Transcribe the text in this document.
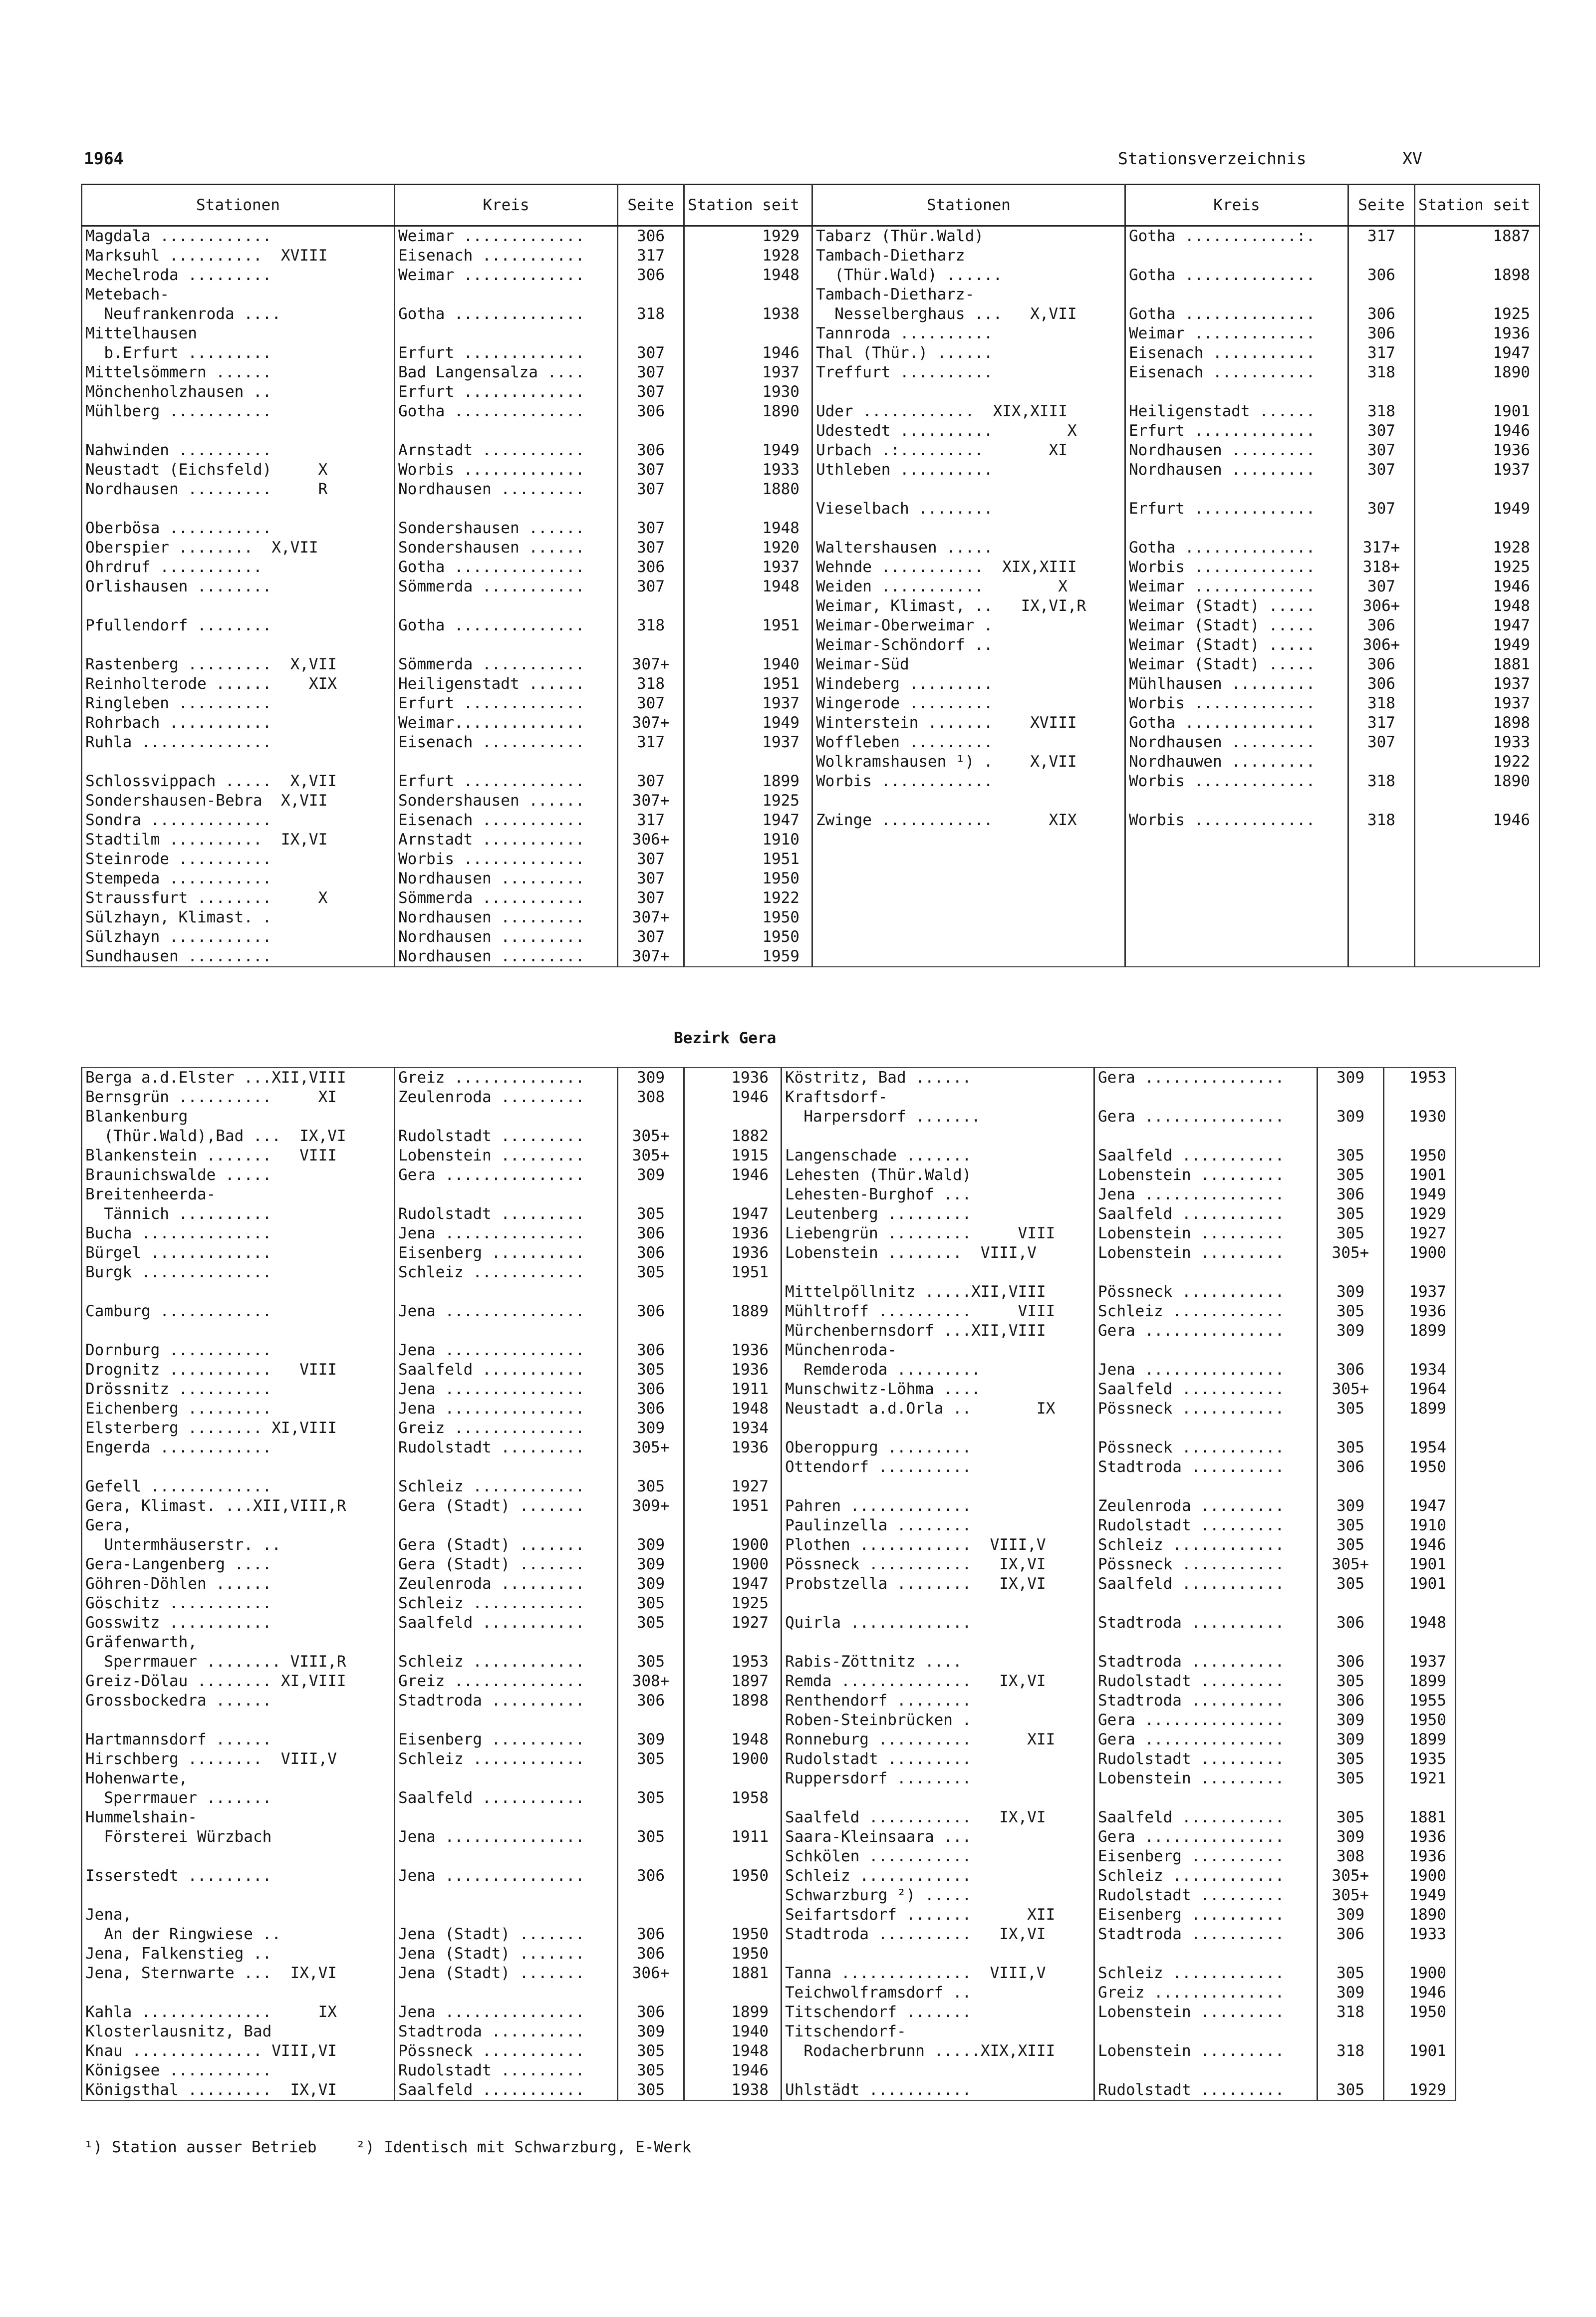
1964	Stationsverzeichnis	XV
Stationen	Kreis	Seite	Station seit	Stationen	Kreis	Seite	Station seit

Magdala ............	Weimar .............	306	1929	Tabarz (Thür.Wald)	Gotha ............:.	317	1887
Marksuhl ..........  XVIII	Eisenach ...........	317	1928	Tambach-Dietharz			
Mechelroda .........	Weimar .............	306	1948	(Thür.Wald) ......	Gotha ..............	306	1898
Metebach-				Tambach-Dietharz-			
Neufrankenroda ....	Gotha ..............	318	1938	Nesselberghaus ...   X,VII	Gotha ..............	306	1925
Mittelhausen				Tannroda ..........	Weimar .............	306	1936
b.Erfurt .........	Erfurt .............	307	1946	Thal (Thür.) ......	Eisenach ...........	317	1947
Mittelsömmern ......	Bad Langensalza ....	307	1937	Treffurt ..........	Eisenach ...........	318	1890
Mönchenholzhausen ..	Erfurt .............	307	1930				
Mühlberg ...........	Gotha ..............	306	1890	Uder ............  XIX,XIII	Heiligenstadt ......	318	1901
				Udestedt ..........        X	Erfurt .............	307	1946
Nahwinden ..........	Arnstadt ...........	306	1949	Urbach .:.........       XI	Nordhausen .........	307	1936
Neustadt (Eichsfeld)     X	Worbis .............	307	1933	Uthleben ..........	Nordhausen .........	307	1937
Nordhausen .........     R	Nordhausen .........	307	1880				
				Vieselbach ........	Erfurt .............	307	1949
Oberbösa ...........	Sondershausen ......	307	1948				
Oberspier ........  X,VII	Sondershausen ......	307	1920	Waltershausen .....	Gotha ..............	317+	1928
Ohrdruf ...........	Gotha ..............	306	1937	Wehnde ...........  XIX,XIII	Worbis .............	318+	1925
Orlishausen ........	Sömmerda ...........	307	1948	Weiden ...........        X	Weimar .............	307	1946
				Weimar, Klimast, ..   IX,VI,R	Weimar (Stadt) .....	306+	1948
Pfullendorf ........	Gotha ..............	318	1951	Weimar-Oberweimar .	Weimar (Stadt) .....	306	1947
				Weimar-Schöndorf ..	Weimar (Stadt) .....	306+	1949
Rastenberg .........  X,VII	Sömmerda ...........	307+	1940	Weimar-Süd	Weimar (Stadt) .....	306	1881
Reinholterode ......    XIX	Heiligenstadt ......	318	1951	Windeberg .........	Mühlhausen .........	306	1937
Ringleben ..........	Erfurt .............	307	1937	Wingerode .........	Worbis .............	318	1937
Rohrbach ...........	Weimar..............	307+	1949	Winterstein .......    XVIII	Gotha ..............	317	1898
Ruhla ..............	Eisenach ...........	317	1937	Woffleben .........	Nordhausen .........	307	1933
				Wolkramshausen ¹) .    X,VII	Nordhauwen .........		1922
Schlossvippach .....  X,VII	Erfurt .............	307	1899	Worbis ............	Worbis .............	318	1890
Sondershausen-Bebra  X,VII	Sondershausen ......	307+	1925				
Sondra .............	Eisenach ...........	317	1947	Zwinge ............      XIX	Worbis .............	318	1946
Stadtilm ..........  IX,VI	Arnstadt ...........	306+	1910				
Steinrode ..........	Worbis .............	307	1951				
Stempeda ...........	Nordhausen .........	307	1950				
Straussfurt ........     X	Sömmerda ...........	307	1922				
Sülzhayn, Klimast. .	Nordhausen .........	307+	1950				
Sülzhayn ...........	Nordhausen .........	307	1950				
Sundhausen .........	Nordhausen .........	307+	1959				
Bezirk Gera
Berga a.d.Elster ...XII,VIII	Greiz ..............	309	1936	Köstritz, Bad ......	Gera ...............	309	1953
Bernsgrün ..........     XI	Zeulenroda .........	308	1946	Kraftsdorf-			
Blankenburg				Harpersdorf .......	Gera ...............	309	1930
(Thür.Wald),Bad ...  IX,VI	Rudolstadt .........	305+	1882				
Blankenstein .......   VIII	Lobenstein .........	305+	1915	Langenschade .......	Saalfeld ...........	305	1950
Braunichswalde .....	Gera ...............	309	1946	Lehesten (Thür.Wald)	Lobenstein .........	305	1901
Breitenheerda-				Lehesten-Burghof ...	Jena ...............	306	1949
Tännich ..........	Rudolstadt .........	305	1947	Leutenberg .........	Saalfeld ...........	305	1929
Bucha ..............	Jena ...............	306	1936	Liebengrün .........     VIII	Lobenstein .........	305	1927
Bürgel .............	Eisenberg ..........	306	1936	Lobenstein ........  VIII,V	Lobenstein .........	305+	1900
Burgk ..............	Schleiz ............	305	1951				
				Mittelpöllnitz .....XII,VIII	Pössneck ...........	309	1937
Camburg ............	Jena ...............	306	1889	Mühltroff ..........     VIII	Schleiz ............	305	1936
				Mürchenbernsdorf ...XII,VIII	Gera ...............	309	1899
Dornburg ...........	Jena ...............	306	1936	Münchenroda-			
Drognitz ...........   VIII	Saalfeld ...........	305	1936	Remderoda .........	Jena ...............	306	1934
Drössnitz ..........	Jena ...............	306	1911	Munschwitz-Löhma ....	Saalfeld ...........	305+	1964

Eichenberg .........	Jena ...............	306	1948	Neustadt a.d.Orla ..       IX	Pössneck ...........	305	1899
Elsterberg ........ XI,VIII	Greiz ..............	309	1934				
Engerda ............	Rudolstadt .........	305+	1936	Oberoppurg .........	Pössneck ...........	305	1954
				Ottendorf ..........	Stadtroda ..........	306	1950
Gefell .............	Schleiz ............	305	1927				
Gera, Klimast. ...XII,VIII,R	Gera (Stadt) .......	309+	1951	Pahren .............	Zeulenroda .........	309	1947
Gera,				Paulinzella ........	Rudolstadt .........	305	1910
Untermhäuserstr. ..	Gera (Stadt) .......	309	1900	Plothen ............  VIII,V	Schleiz ............	305	1946
Gera-Langenberg ....	Gera (Stadt) .......	309	1900	Pössneck ...........   IX,VI	Pössneck ...........	305+	1901
Göhren-Döhlen ......	Zeulenroda .........	309	1947	Probstzella ........   IX,VI	Saalfeld ...........	305	1901
Göschitz ...........	Schleiz ............	305	1925				
Gosswitz ...........	Saalfeld ...........	305	1927	Quirla .............	Stadtroda ..........	306	1948
Gräfenwarth,							
Sperrmauer ........ VIII,R	Schleiz ............	305	1953	Rabis-Zöttnitz ....	Stadtroda ..........	306	1937
Greiz-Dölau ........ XI,VIII	Greiz ..............	308+	1897	Remda ..............   IX,VI	Rudolstadt .........	305	1899
Grossbockedra ......	Stadtroda ..........	306	1898	Renthendorf ........	Stadtroda ..........	306	1955
				Roben-Steinbrücken .	Gera ...............	309	1950
Hartmannsdorf ......	Eisenberg ..........	309	1948	Ronneburg ..........      XII	Gera ...............	309	1899
Hirschberg ........  VIII,V	Schleiz ............	305	1900	Rudolstadt .........	Rudolstadt .........	305	1935
Hohenwarte,				Ruppersdorf ........	Lobenstein .........	305	1921
Sperrmauer .......	Saalfeld ...........	305	1958				
Hummelshain-				Saalfeld ...........   IX,VI	Saalfeld ...........	305	1881
Försterei Würzbach	Jena ...............	305	1911	Saara-Kleinsaara ...	Gera ...............	309	1936
				Schkölen ...........	Eisenberg ..........	308	1936
Isserstedt .........	Jena ...............	306	1950	Schleiz ............	Schleiz ............	305+	1900
				Schwarzburg ²) .....	Rudolstadt .........	305+	1949
Jena,				Seifartsdorf .......      XII	Eisenberg ..........	309	1890
An der Ringwiese ..	Jena (Stadt) .......	306	1950	Stadtroda ..........   IX,VI	Stadtroda ..........	306	1933
Jena, Falkenstieg ..	Jena (Stadt) .......	306	1950				
Jena, Sternwarte ...  IX,VI	Jena (Stadt) .......	306+	1881	Tanna ..............  VIII,V	Schleiz ............	305	1900
				Teichwolframsdorf ..	Greiz ..............	309	1946
Kahla ..............     IX	Jena ...............	306	1899	Titschendorf .......	Lobenstein .........	318	1950
Klosterlausnitz, Bad	Stadtroda ..........	309	1940	Titschendorf-			
Knau .............. VIII,VI	Pössneck ...........	305	1948	Rodacherbrunn .....XIX,XIII	Lobenstein .........	318	1901
Königsee ...........	Rudolstadt .........	305	1946				
Königsthal .........  IX,VI	Saalfeld ...........	305	1938	Uhlstädt ...........	Rudolstadt .........	305	1929
¹) Station ausser Betrieb	²) Identisch mit Schwarzburg, E-Werk
